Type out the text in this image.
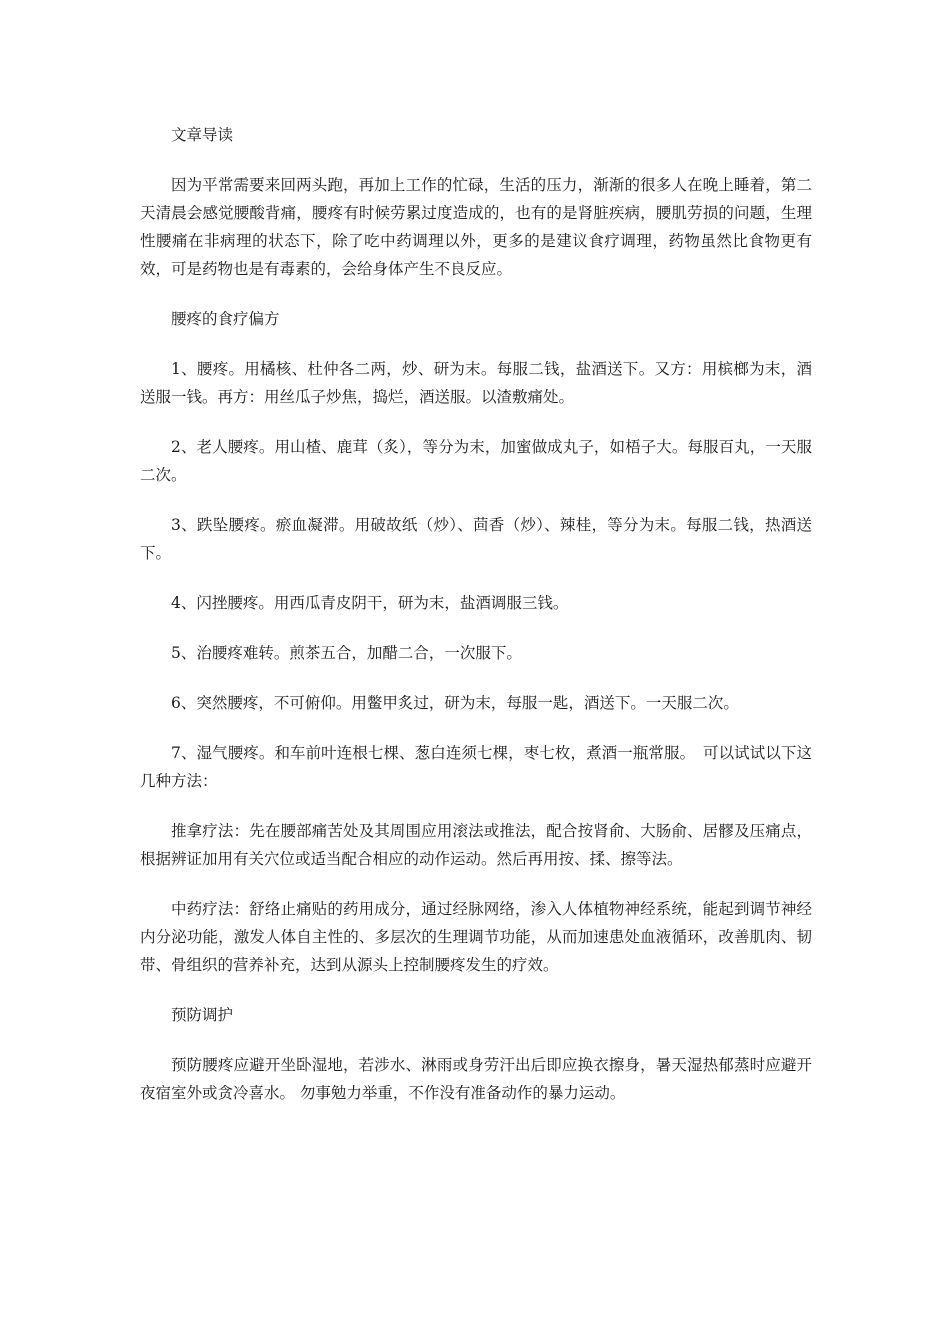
文章导读

因为平常需要来回两头跑，再加上工作的忙碌，生活的压力，渐渐的很多人在晚上睡着，第二天清晨会感觉腰酸背痛，腰疼有时候劳累过度造成的，也有的是肾脏疾病，腰肌劳损的问题，生理性腰痛在非病理的状态下，除了吃中药调理以外，更多的是建议食疗调理，药物虽然比食物更有效，可是药物也是有毒素的，会给身体产生不良反应。

腰疼的食疗偏方

1、腰疼。用橘核、杜仲各二两，炒、研为末。每服二钱，盐酒送下。又方：用槟榔为末，酒送服一钱。再方：用丝瓜子炒焦，捣烂，酒送服。以渣敷痛处。

2、老人腰疼。用山楂、鹿茸（炙），等分为末，加蜜做成丸子，如梧子大。每服百丸，一天服二次。

3、跌坠腰疼。瘀血凝滞。用破故纸（炒）、茴香（炒）、辣桂，等分为末。每服二钱，热酒送下。

4、闪挫腰疼。用西瓜青皮阴干，研为末，盐酒调服三钱。

5、治腰疼难转。煎茶五合，加醋二合，一次服下。

6、突然腰疼，不可俯仰。用鳖甲炙过，研为末，每服一匙，酒送下。一天服二次。

7、湿气腰疼。和车前叶连根七棵、葱白连须七棵，枣七枚，煮酒一瓶常服。　可以试试以下这几种方法：

推拿疗法：先在腰部痛苦处及其周围应用滚法或推法，配合按肾俞、大肠俞、居髎及压痛点，根据辨证加用有关穴位或适当配合相应的动作运动。然后再用按、揉、擦等法。

中药疗法：舒络止痛贴的药用成分，通过经脉网络，渗入人体植物神经系统，能起到调节神经内分泌功能，激发人体自主性的、多层次的生理调节功能，从而加速患处血液循环，改善肌肉、韧带、骨组织的营养补充，达到从源头上控制腰疼发生的疗效。

预防调护

预防腰疼应避开坐卧湿地，若涉水、淋雨或身劳汗出后即应换衣擦身，暑天湿热郁蒸时应避开夜宿室外或贪冷喜水。 勿事勉力举重，不作没有准备动作的暴力运动。
